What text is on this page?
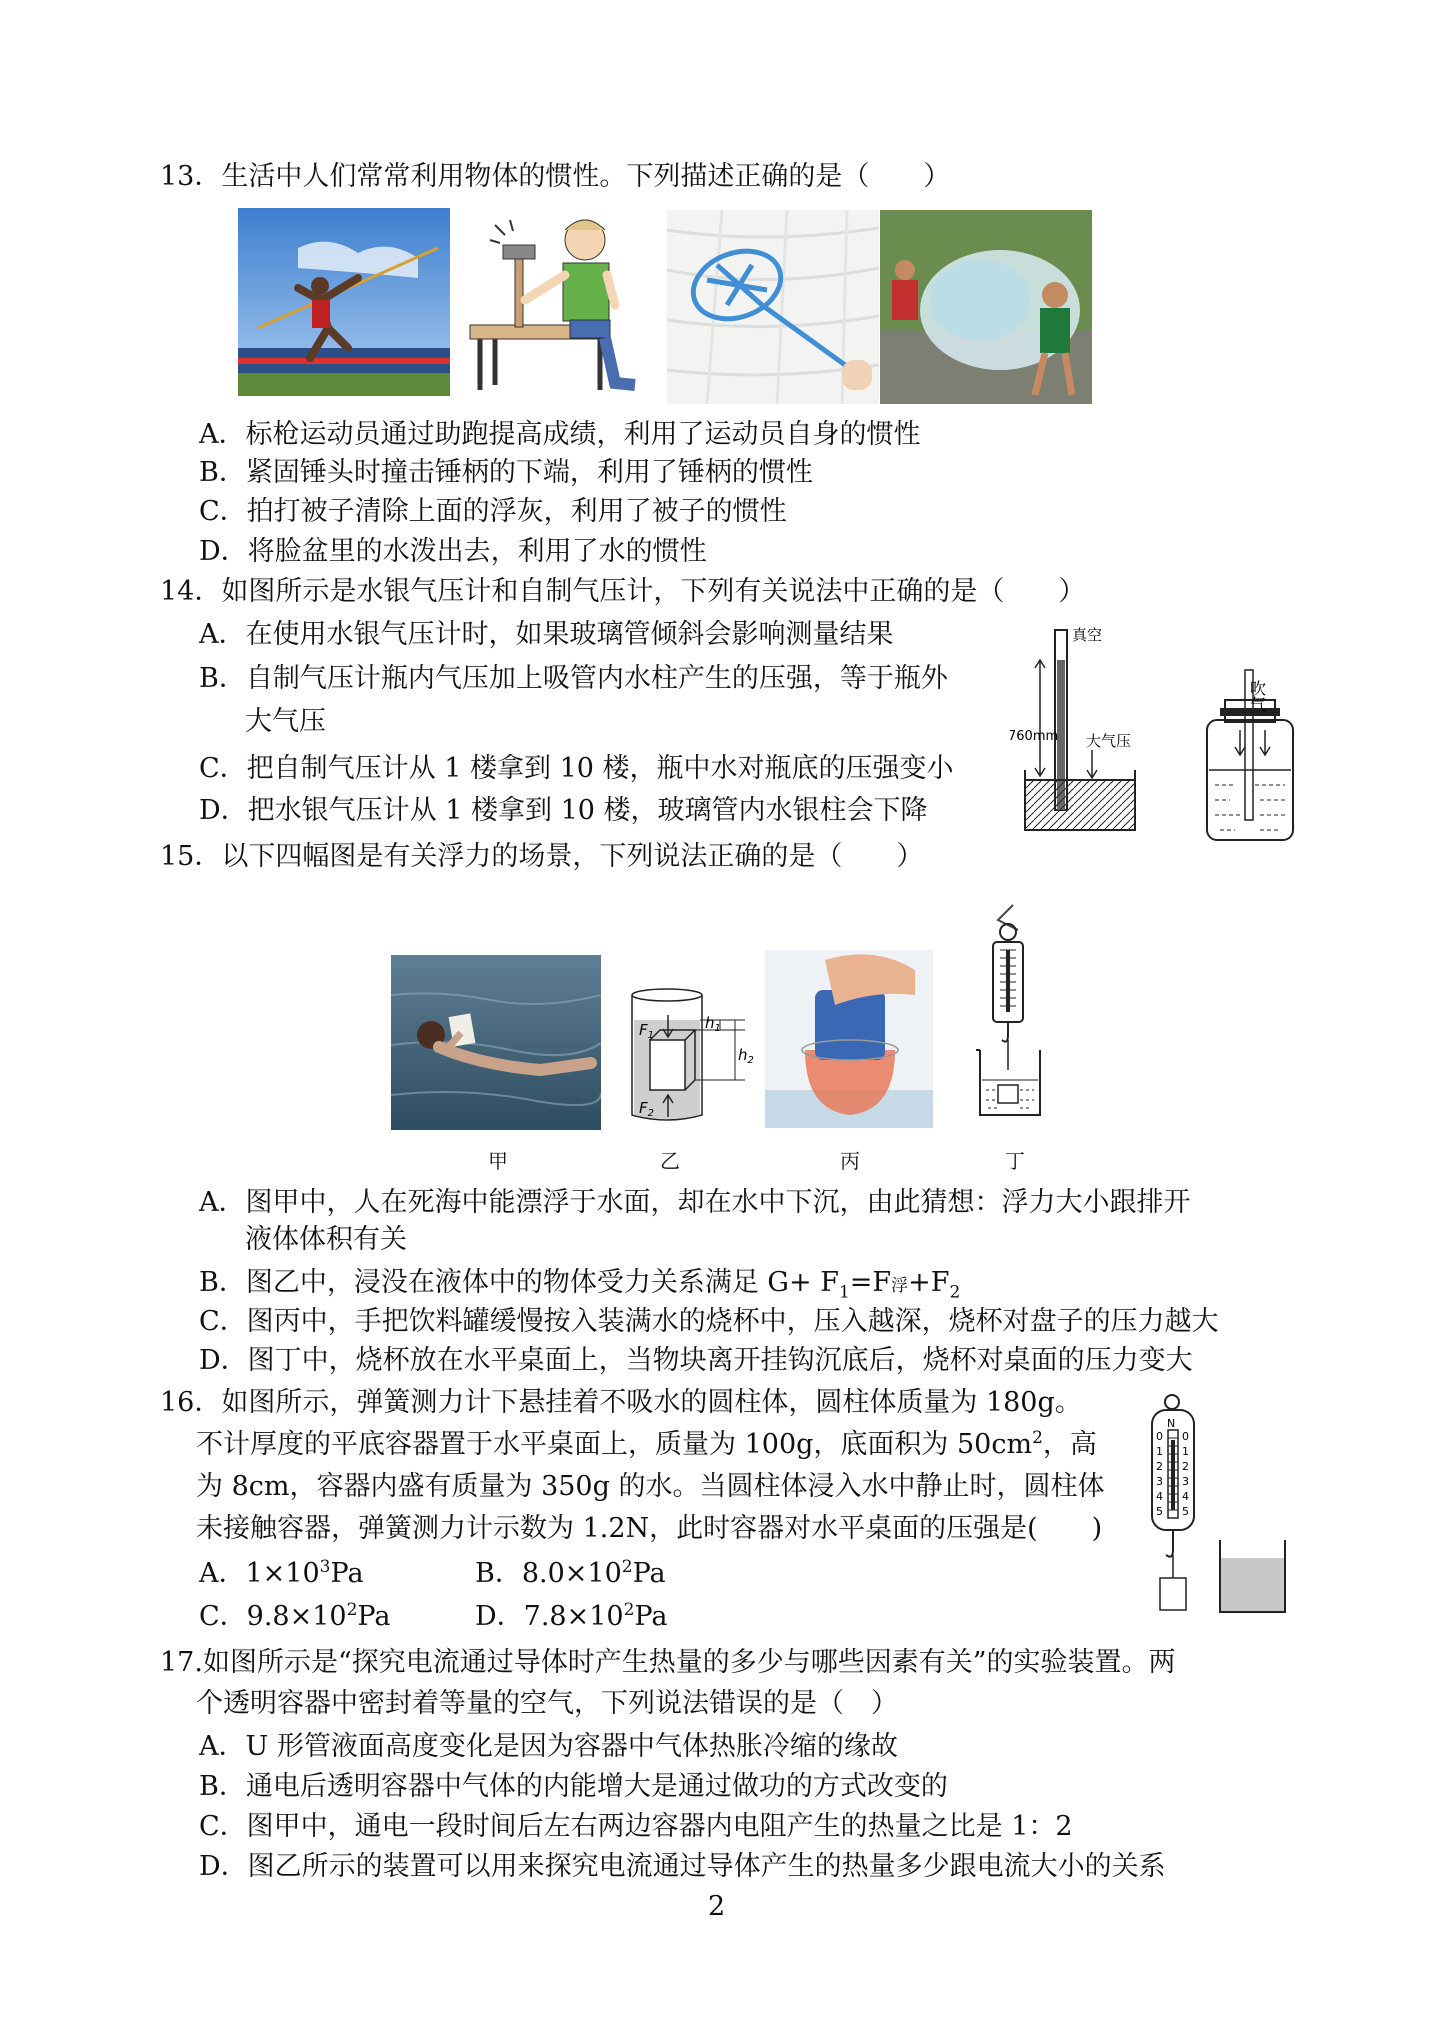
13．生活中人们常常利用物体的惯性。下列描述正确的是（　　）
A．标枪运动员通过助跑提高成绩，利用了运动员自身的惯性
B．紧固锤头时撞击锤柄的下端，利用了锤柄的惯性
C．拍打被子清除上面的浮灰，利用了被子的惯性
D．将脸盆里的水泼出去，利用了水的惯性
14．如图所示是水银气压计和自制气压计，下列有关说法中正确的是（　　）
A．在使用水银气压计时，如果玻璃管倾斜会影响测量结果
B．自制气压计瓶内气压加上吸管内水柱产生的压强，等于瓶外
大气压
C．把自制气压计从 1 楼拿到 10 楼，瓶中水对瓶底的压强变小
D．把水银气压计从 1 楼拿到 10 楼，玻璃管内水银柱会下降
真空
760mm 大气压
吹气
15．以下四幅图是有关浮力的场景，下列说法正确的是（　　）
$F_1$
$F_2$
$h_1$
$h_2$
甲	乙	丙	丁
A．图甲中，人在死海中能漂浮于水面，却在水中下沉，由此猜想：浮力大小跟排开
液体体积有关
B．图乙中，浸没在液体中的物体受力关系满足 $G+ F_1=F$浮$+F_2$
C．图丙中，手把饮料罐缓慢按入装满水的烧杯中，压入越深，烧杯对盘子的压力越大
D．图丁中，烧杯放在水平桌面上，当物块离开挂钩沉底后，烧杯对桌面的压力变大
16．如图所示，弹簧测力计下悬挂着不吸水的圆柱体，圆柱体质量为 180g。
不计厚度的平底容器置于水平桌面上，质量为 100g，底面积为 $50cm^2$，高
为 8cm，容器内盛有质量为 350g 的水。当圆柱体浸入水中静止时，圆柱体
未接触容器，弹簧测力计示数为 1.2N，此时容器对水平桌面的压强是(　　)
A．$1\times 10^3Pa$	B．$8.0\times 10^2Pa$
C．$9.8\times 10^2Pa$	D．$7.8\times 10^2Pa$
N
0
1
2
3
4
5
0
1
2
3
4
5
17.如图所示是“探究电流通过导体时产生热量的多少与哪些因素有关”的实验装置。两
个透明容器中密封着等量的空气，下列说法错误的是（　）
A．U 形管液面高度变化是因为容器中气体热胀冷缩的缘故
B．通电后透明容器中气体的内能增大是通过做功的方式改变的
C．图甲中，通电一段时间后左右两边容器内电阻产生的热量之比是 1：2
D．图乙所示的装置可以用来探究电流通过导体产生的热量多少跟电流大小的关系
2
